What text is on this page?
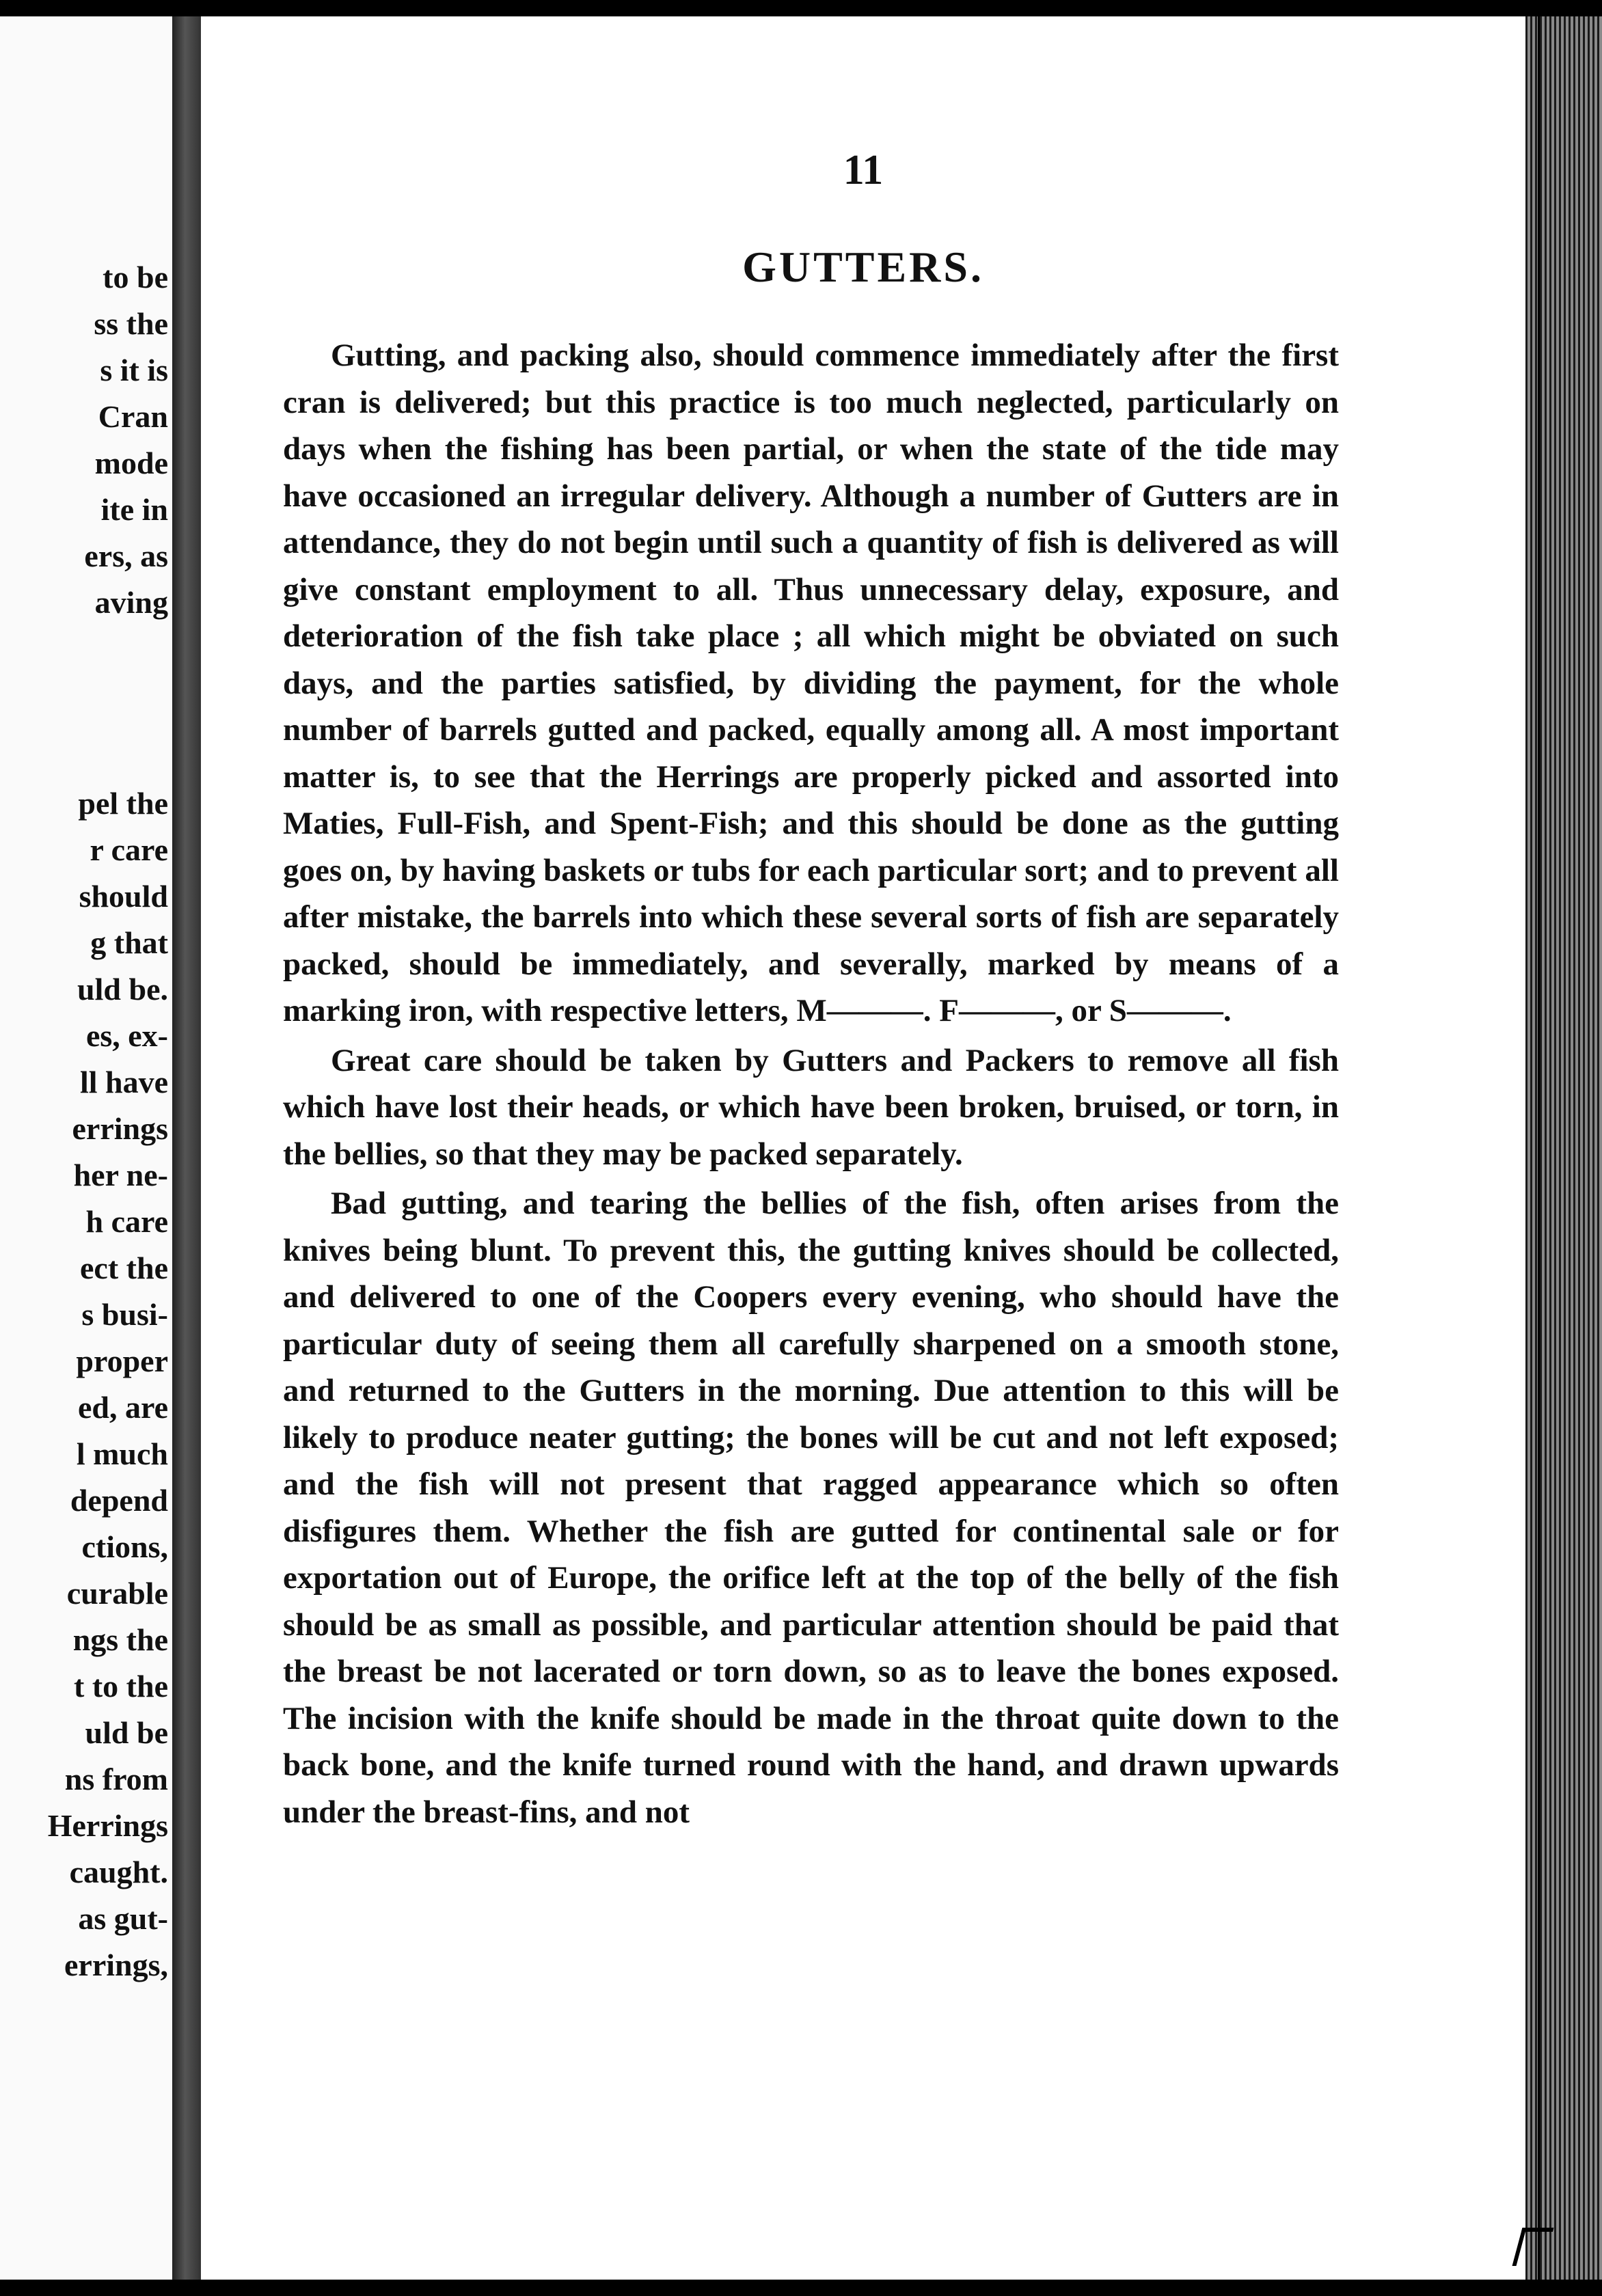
to be

ss the

s it is

Cran

mode

ite in

ers, as

aving

pel the

r care

should

g that

uld be.

es, ex-

ll have

errings

her ne-

h care

ect the

s busi-

proper

ed, are

l much

depend

ctions,

curable

ngs the

t to the

uld be

ns from

Herrings

caught.

as gut-

errings,

11

GUTTERS.

Gutting, and packing also, should commence immediately after the first cran is delivered; but this practice is too much neglected, particularly on days when the fishing has been partial, or when the state of the tide may have occasioned an irregular delivery. Although a number of Gutters are in attendance, they do not begin until such a quantity of fish is delivered as will give constant employment to all. Thus unnecessary delay, exposure, and deterioration of the fish take place ; all which might be obviated on such days, and the parties satisfied, by dividing the payment, for the whole number of barrels gutted and packed, equally among all. A most important matter is, to see that the Herrings are properly picked and assorted into Maties, Full-Fish, and Spent-Fish; and this should be done as the gutting goes on, by having baskets or tubs for each particular sort; and to prevent all after mistake, the barrels into which these several sorts of fish are separately packed, should be immediately, and severally, marked by means of a marking iron, with respective letters, M———. F———, or S———.

Great care should be taken by Gutters and Packers to remove all fish which have lost their heads, or which have been broken, bruised, or torn, in the bellies, so that they may be packed separately.

Bad gutting, and tearing the bellies of the fish, often arises from the knives being blunt. To prevent this, the gutting knives should be collected, and delivered to one of the Coopers every evening, who should have the particular duty of seeing them all carefully sharpened on a smooth stone, and returned to the Gutters in the morning. Due attention to this will be likely to produce neater gutting; the bones will be cut and not left exposed; and the fish will not present that ragged appearance which so often disfigures them. Whether the fish are gutted for continental sale or for exportation out of Europe, the orifice left at the top of the belly of the fish should be as small as possible, and particular attention should be paid that the breast be not lacerated or torn down, so as to leave the bones exposed. The incision with the knife should be made in the throat quite down to the back bone, and the knife turned round with the hand, and drawn upwards under the breast-fins, and not
